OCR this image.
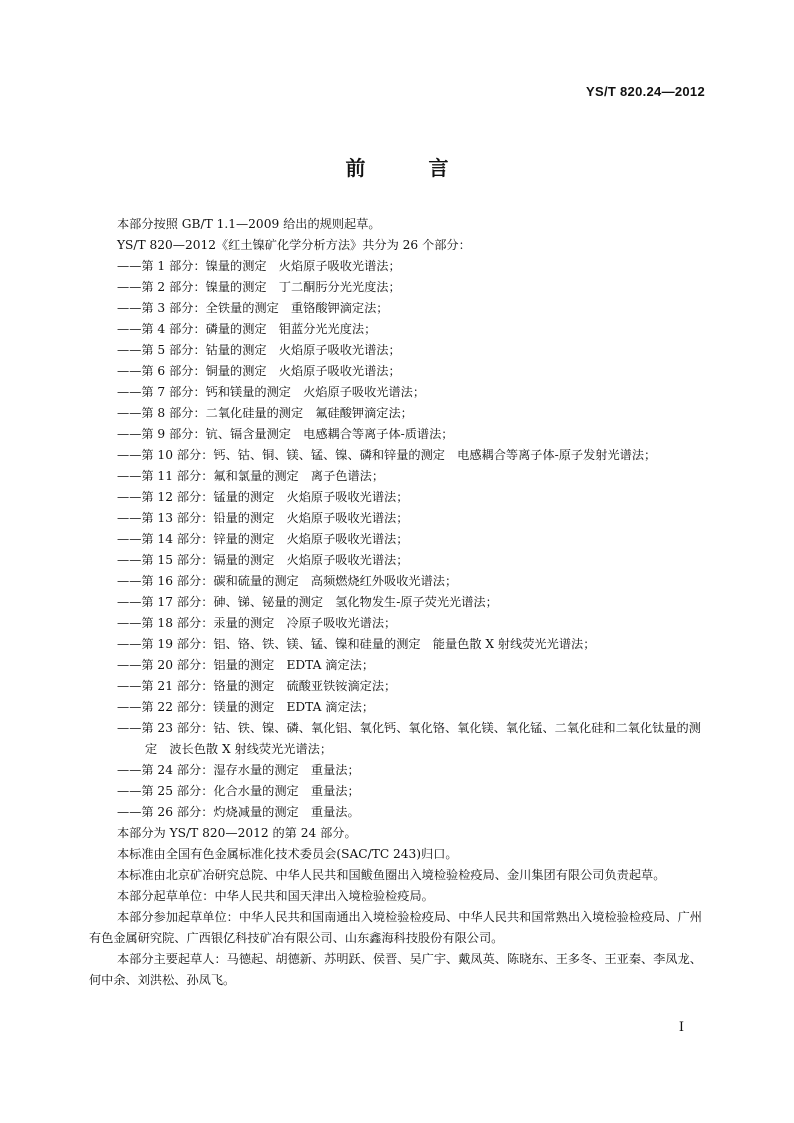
YS/T 820.24—2012
前 言
本部分按照 GB/T 1.1—2009 给出的规则起草。
YS/T 820—2012《红土镍矿化学分析方法》共分为 26 个部分：
——第 1 部分：镍量的测定　火焰原子吸收光谱法；
——第 2 部分：镍量的测定　丁二酮肟分光光度法；
——第 3 部分：全铁量的测定　重铬酸钾滴定法；
——第 4 部分：磷量的测定　钼蓝分光光度法；
——第 5 部分：钴量的测定　火焰原子吸收光谱法；
——第 6 部分：铜量的测定　火焰原子吸收光谱法；
——第 7 部分：钙和镁量的测定　火焰原子吸收光谱法；
——第 8 部分：二氧化硅量的测定　氟硅酸钾滴定法；
——第 9 部分：钪、镉含量测定　电感耦合等离子体-质谱法；
——第 10 部分：钙、钴、铜、镁、锰、镍、磷和锌量的测定　电感耦合等离子体-原子发射光谱法；
——第 11 部分：氟和氯量的测定　离子色谱法；
——第 12 部分：锰量的测定　火焰原子吸收光谱法；
——第 13 部分：铅量的测定　火焰原子吸收光谱法；
——第 14 部分：锌量的测定　火焰原子吸收光谱法；
——第 15 部分：镉量的测定　火焰原子吸收光谱法；
——第 16 部分：碳和硫量的测定　高频燃烧红外吸收光谱法；
——第 17 部分：砷、锑、铋量的测定　氢化物发生-原子荧光光谱法；
——第 18 部分：汞量的测定　冷原子吸收光谱法；
——第 19 部分：铝、铬、铁、镁、锰、镍和硅量的测定　能量色散 X 射线荧光光谱法；
——第 20 部分：铝量的测定　EDTA 滴定法；
——第 21 部分：铬量的测定　硫酸亚铁铵滴定法；
——第 22 部分：镁量的测定　EDTA 滴定法；
——第 23 部分：钴、铁、镍、磷、氧化铝、氧化钙、氧化铬、氧化镁、氧化锰、二氧化硅和二氧化钛量的测定　波长色散 X 射线荧光光谱法；
——第 24 部分：湿存水量的测定　重量法；
——第 25 部分：化合水量的测定　重量法；
——第 26 部分：灼烧减量的测定　重量法。
本部分为 YS/T 820—2012 的第 24 部分。
本标准由全国有色金属标准化技术委员会(SAC/TC 243)归口。
本标准由北京矿冶研究总院、中华人民共和国鲅鱼圈出入境检验检疫局、金川集团有限公司负责起草。
本部分起草单位：中华人民共和国天津出入境检验检疫局。
本部分参加起草单位：中华人民共和国南通出入境检验检疫局、中华人民共和国常熟出入境检验检疫局、广州有色金属研究院、广西银亿科技矿冶有限公司、山东鑫海科技股份有限公司。
本部分主要起草人：马德起、胡德新、苏明跃、侯晋、吴广宇、戴凤英、陈晓东、王多冬、王亚秦、李凤龙、何中余、刘洪松、孙凤飞。
I
